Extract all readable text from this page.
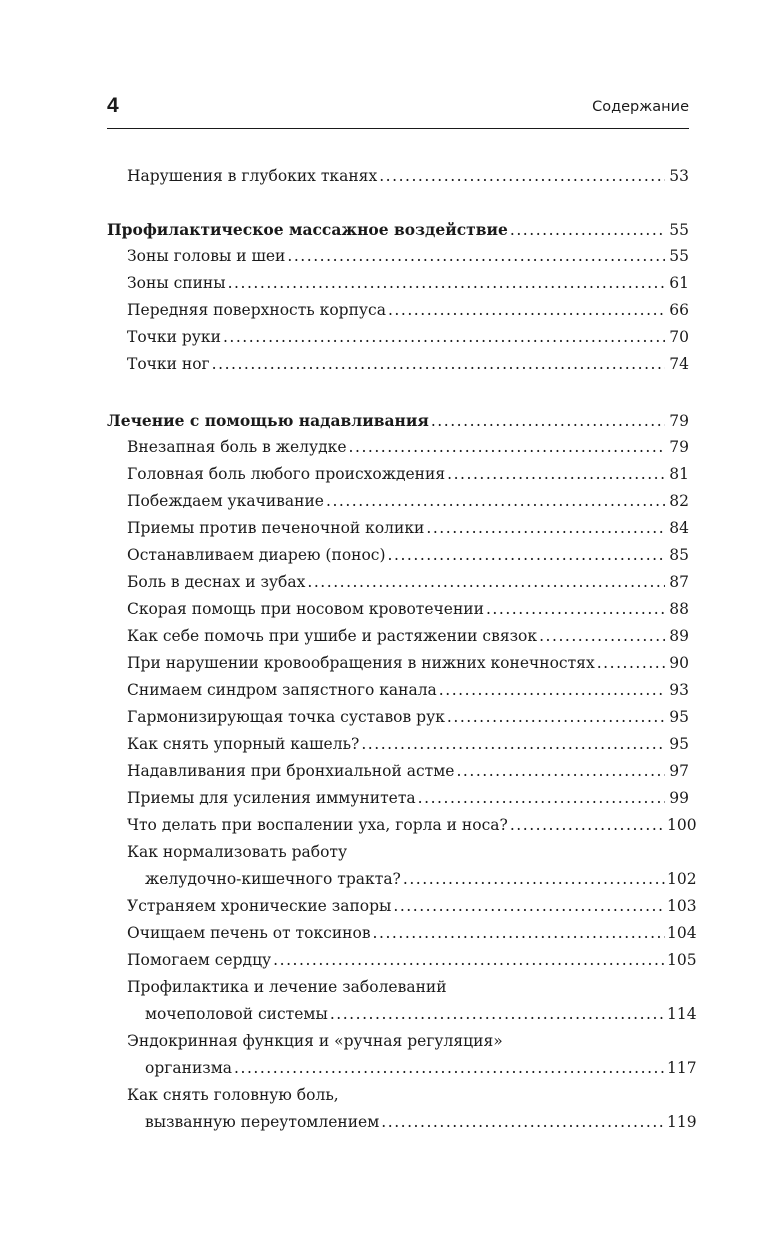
4	Содержание
Нарушения в глубоких тканях . . .	53
Профилактическое массажное воздействие . . .	55
Зоны головы и шеи . . .	55
Зоны спины . . .	61
Передняя поверхность корпуса . . .	66
Точки руки . . .	70
Точки ног . . .	74
Лечение с помощью надавливания . . .	79
Внезапная боль в желудке . . .	79
Головная боль любого происхождения . . .	81
Побеждаем укачивание . . .	82
Приемы против печеночной колики . . .	84
Останавливаем диарею (понос) . . .	85
Боль в деснах и зубах . . .	87
Скорая помощь при носовом кровотечении . . .	88
Как себе помочь при ушибе и растяжении связок . . .	89
При нарушении кровообращения в нижних конечностях . . .	90
Снимаем синдром запястного канала . . .	93
Гармонизирующая точка суставов рук . . .	95
Как снять упорный кашель? . . .	95
Надавливания при бронхиальной астме . . .	97
Приемы для усиления иммунитета . . .	99
Что делать при воспалении уха, горла и носа? . . .	100
Как нормализовать работу
желудочно-кишечного тракта? . . .	102
Устраняем хронические запоры . . .	103
Очищаем печень от токсинов . . .	104
Помогаем сердцу . . .	105
Профилактика и лечение заболеваний
мочеполовой системы . . .	114
Эндокринная функция и «ручная регуляция»
организма . . .	117
Как снять головную боль,
вызванную переутомлением . . .	119
